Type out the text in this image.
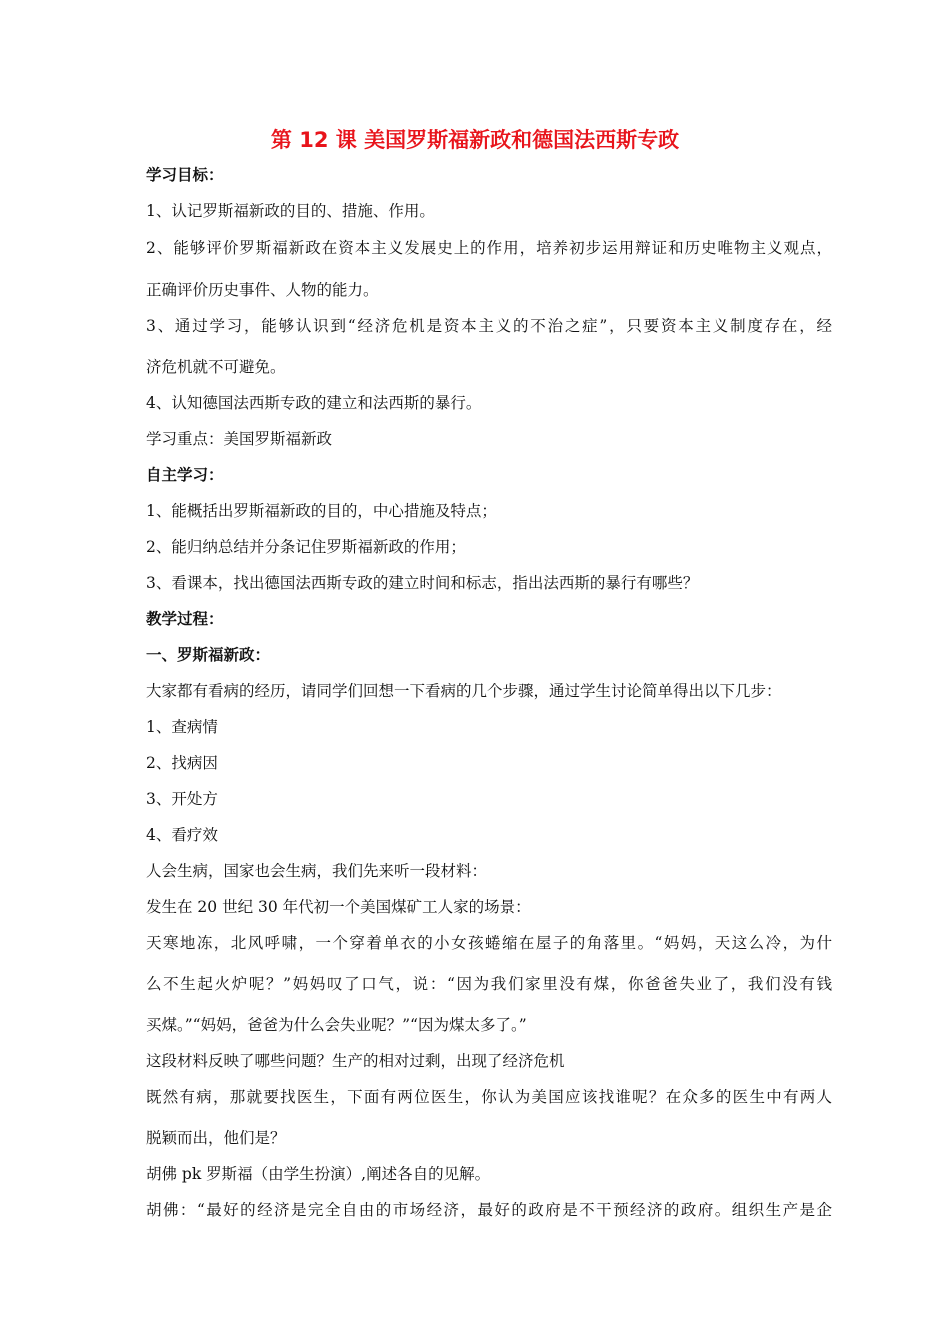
第 12 课 美国罗斯福新政和德国法西斯专政
学习目标：
1、认记罗斯福新政的目的、措施、作用。
2、能够评价罗斯福新政在资本主义发展史上的作用，培养初步运用辩证和历史唯物主义观点，
正确评价历史事件、人物的能力。
3、通过学习，能够认识到“经济危机是资本主义的不治之症”，只要资本主义制度存在，经
济危机就不可避免。
4、认知德国法西斯专政的建立和法西斯的暴行。
学习重点：美国罗斯福新政
自主学习：
1、能概括出罗斯福新政的目的，中心措施及特点；
2、能归纳总结并分条记住罗斯福新政的作用；
3、看课本，找出德国法西斯专政的建立时间和标志，指出法西斯的暴行有哪些？
教学过程：
一、罗斯福新政：
大家都有看病的经历，请同学们回想一下看病的几个步骤，通过学生讨论简单得出以下几步：
1、查病情
2、找病因
3、开处方
4、看疗效
人会生病，国家也会生病，我们先来听一段材料：
发生在 20 世纪 30 年代初一个美国煤矿工人家的场景：
天寒地冻，北风呼啸，一个穿着单衣的小女孩蜷缩在屋子的角落里。“妈妈，天这么冷，为什
么不生起火炉呢？”妈妈叹了口气，说：“因为我们家里没有煤，你爸爸失业了，我们没有钱
买煤。”“妈妈，爸爸为什么会失业呢？”“因为煤太多了。”
这段材料反映了哪些问题？生产的相对过剩，出现了经济危机
既然有病，那就要找医生，下面有两位医生，你认为美国应该找谁呢？在众多的医生中有两人
脱颖而出，他们是？
胡佛 pk 罗斯福（由学生扮演）,阐述各自的见解。
胡佛：“最好的经济是完全自由的市场经济，最好的政府是不干预经济的政府。组织生产是企
